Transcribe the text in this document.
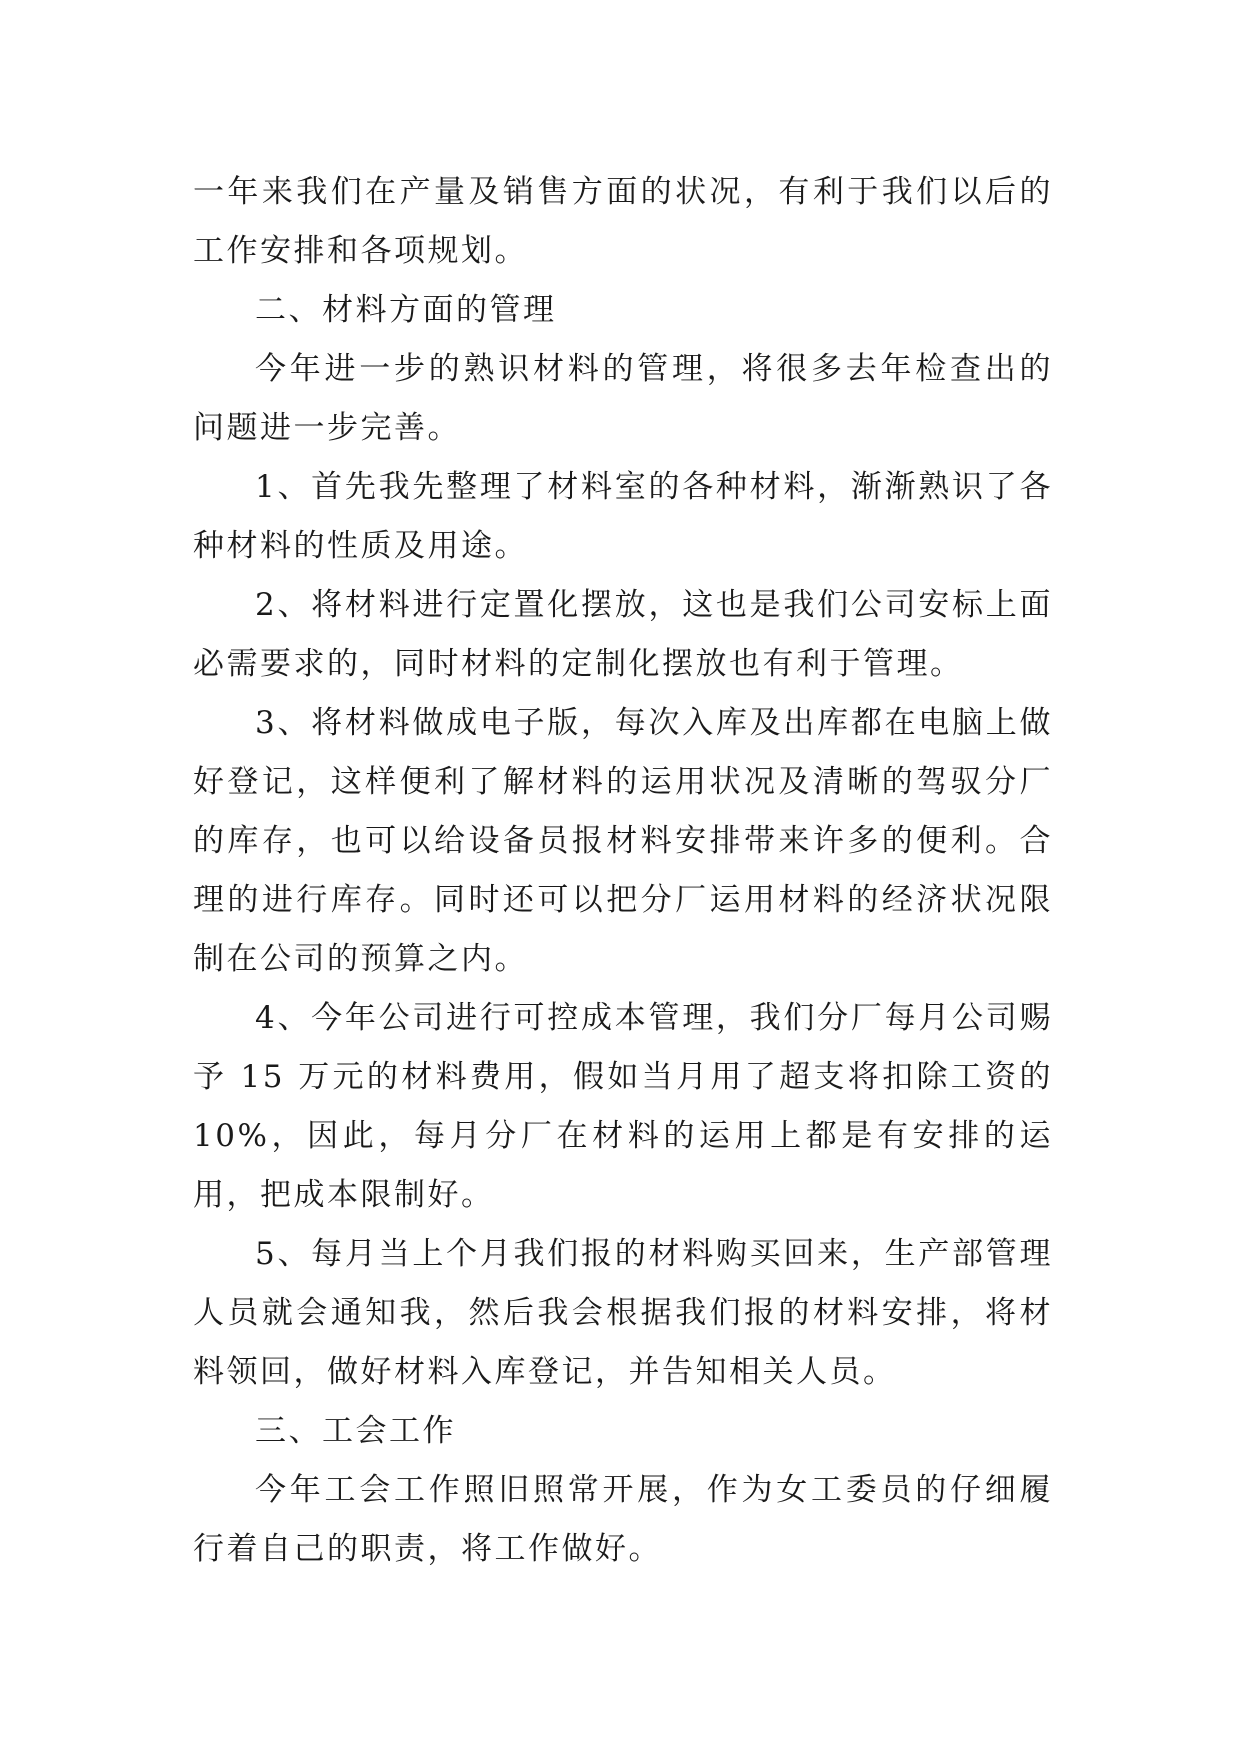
一年来我们在产量及销售方面的状况，有利于我们以后的工作安排和各项规划。

二、材料方面的管理

今年进一步的熟识材料的管理，将很多去年检查出的问题进一步完善。

1、首先我先整理了材料室的各种材料，渐渐熟识了各种材料的性质及用途。

2、将材料进行定置化摆放，这也是我们公司安标上面必需要求的，同时材料的定制化摆放也有利于管理。

3、将材料做成电子版，每次入库及出库都在电脑上做好登记，这样便利了解材料的运用状况及清晰的驾驭分厂的库存，也可以给设备员报材料安排带来许多的便利。合理的进行库存。同时还可以把分厂运用材料的经济状况限制在公司的预算之内。

4、今年公司进行可控成本管理，我们分厂每月公司赐予 15 万元的材料费用，假如当月用了超支将扣除工资的 10%，因此，每月分厂在材料的运用上都是有安排的运用，把成本限制好。

5、每月当上个月我们报的材料购买回来，生产部管理人员就会通知我，然后我会根据我们报的材料安排，将材料领回，做好材料入库登记，并告知相关人员。

三、工会工作

今年工会工作照旧照常开展，作为女工委员的仔细履行着自己的职责，将工作做好。
